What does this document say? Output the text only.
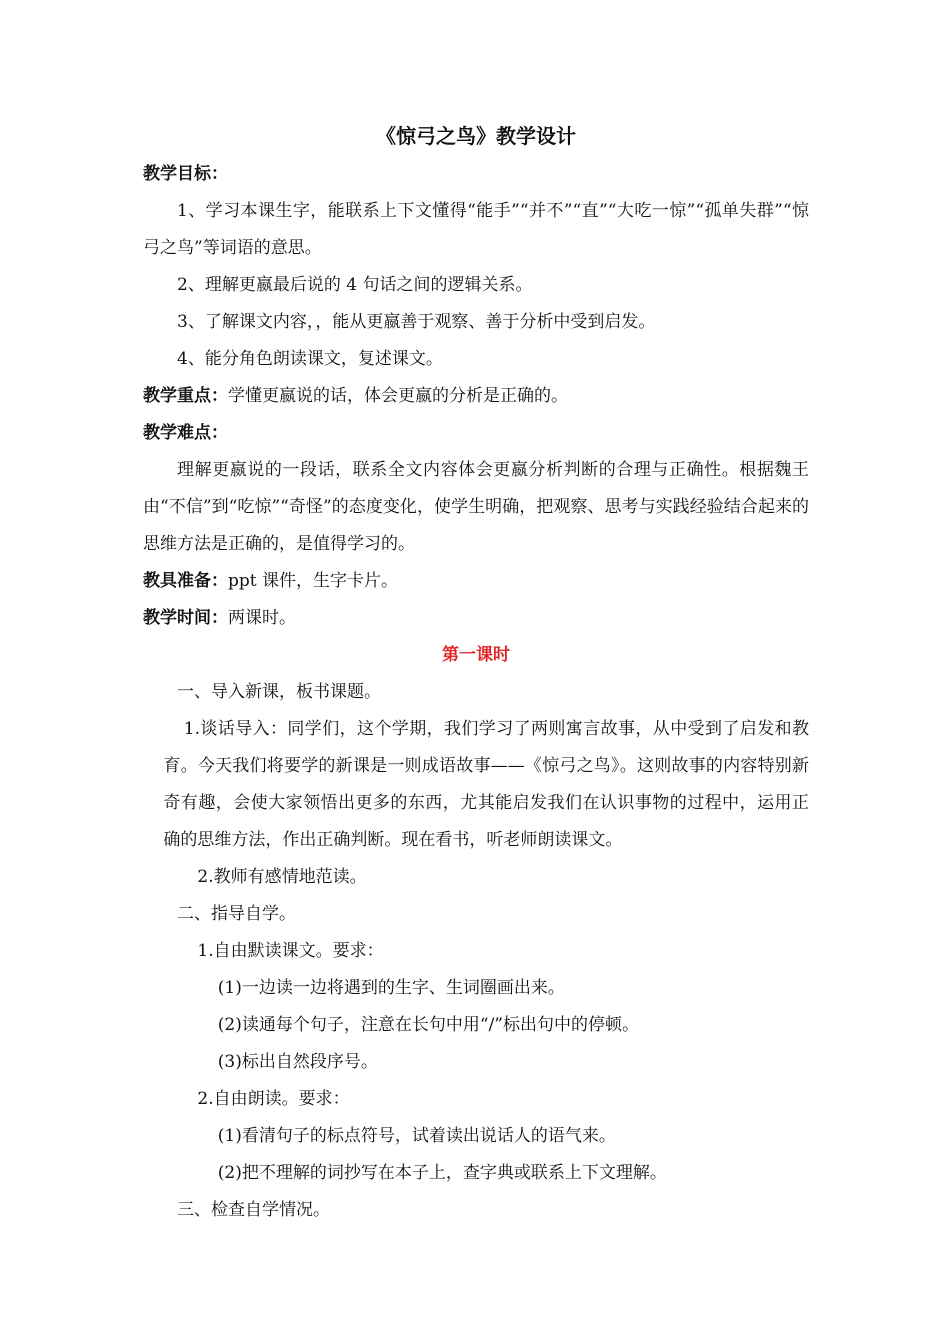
《惊弓之鸟》教学设计

教学目标：

1、学习本课生字，能联系上下文懂得“能手”“并不”“直”“大吃一惊”“孤单失群”“惊弓之鸟”等词语的意思。

2、理解更嬴最后说的 4 句话之间的逻辑关系。

3、了解课文内容，，能从更嬴善于观察、善于分析中受到启发。

4、能分角色朗读课文，复述课文。

教学重点：学懂更嬴说的话，体会更嬴的分析是正确的。

教学难点：

理解更嬴说的一段话，联系全文内容体会更嬴分析判断的合理与正确性。根据魏王由“不信”到“吃惊”“奇怪”的态度变化，使学生明确，把观察、思考与实践经验结合起来的思维方法是正确的，是值得学习的。

教具准备：ppt 课件，生字卡片。

教学时间：两课时。

第一课时

一、导入新课，板书课题。

1.谈话导入：同学们，这个学期，我们学习了两则寓言故事，从中受到了启发和教育。今天我们将要学的新课是一则成语故事——《惊弓之鸟》。这则故事的内容特别新奇有趣，会使大家领悟出更多的东西，尤其能启发我们在认识事物的过程中，运用正确的思维方法，作出正确判断。现在看书，听老师朗读课文。

2.教师有感情地范读。

二、指导自学。

1.自由默读课文。要求：

(1)一边读一边将遇到的生字、生词圈画出来。

(2)读通每个句子，注意在长句中用“/”标出句中的停顿。

(3)标出自然段序号。

2.自由朗读。要求：

(1)看清句子的标点符号，试着读出说话人的语气来。

(2)把不理解的词抄写在本子上，查字典或联系上下文理解。

三、检查自学情况。
